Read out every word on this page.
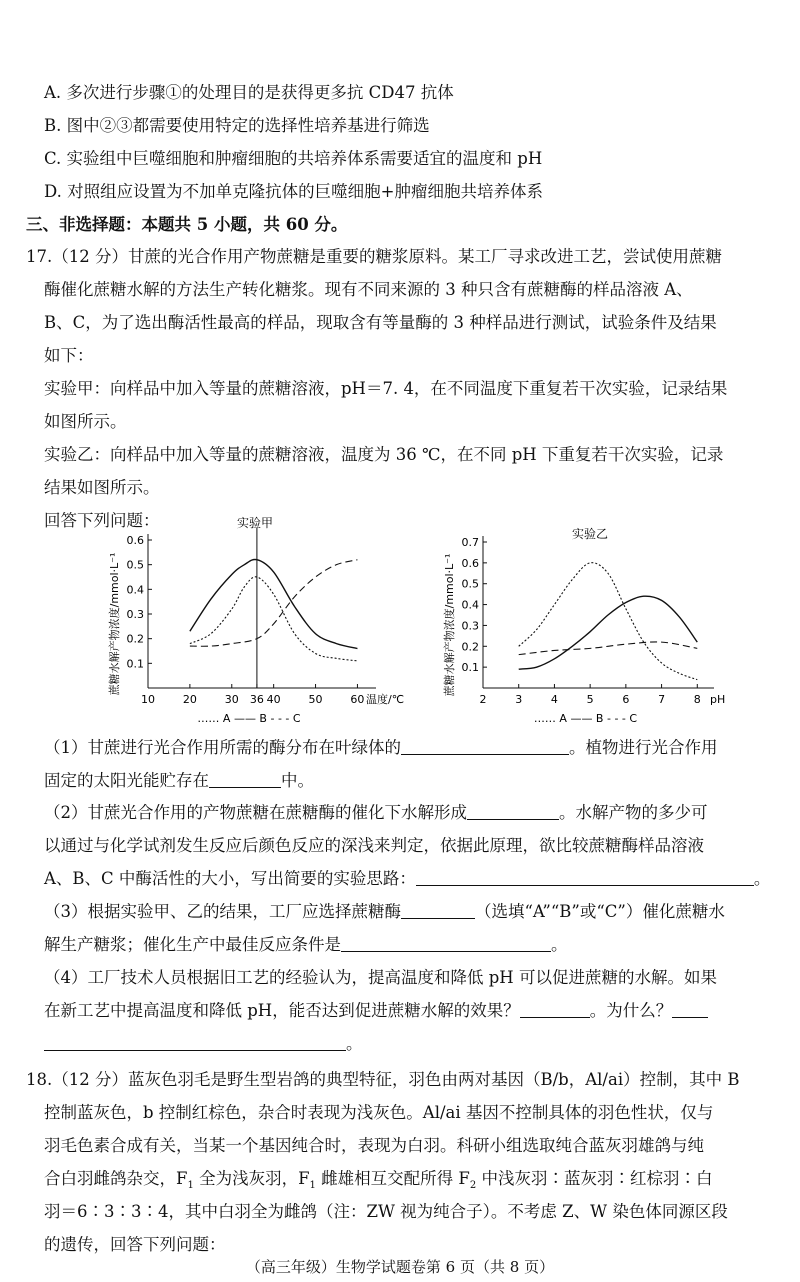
A. 多次进行步骤①的处理目的是获得更多抗 CD47 抗体
B. 图中②③都需要使用特定的选择性培养基进行筛选
C. 实验组中巨噬细胞和肿瘤细胞的共培养体系需要适宜的温度和 pH
D. 对照组应设置为不加单克隆抗体的巨噬细胞+肿瘤细胞共培养体系
三、非选择题：本题共 5 小题，共 60 分。
17.（12 分）甘蔗的光合作用产物蔗糖是重要的糖浆原料。某工厂寻求改进工艺，尝试使用蔗糖
酶催化蔗糖水解的方法生产转化糖浆。现有不同来源的 3 种只含有蔗糖酶的样品溶液 A、
B、C，为了选出酶活性最高的样品，现取含有等量酶的 3 种样品进行测试，试验条件及结果
如下：
实验甲：向样品中加入等量的蔗糖溶液，pH＝7. 4，在不同温度下重复若干次实验，记录结果
如图所示。
实验乙：向样品中加入等量的蔗糖溶液，温度为 36 ℃，在不同 pH 下重复若干次实验，记录
结果如图所示。
回答下列问题：	实验甲
0.1
0.2
0.3
0.4
0.5
0.6
10	20	30 36 40	50	60 温度/℃
蔗糖水解产物浓度/mmol·L⁻¹
…… A —— B - - - C
实验乙
0.1
0.2
0.3
0.4
0.5
0.6
0.7
2	3	4	5	6	7	8 pH
蔗糖水解产物浓度/mmol·L⁻¹
…… A —— B - - - C
（1）甘蔗进行光合作用所需的酶分布在叶绿体的	。植物进行光合作用
固定的太阳光能贮存在	中。
（2）甘蔗光合作用的产物蔗糖在蔗糖酶的催化下水解形成	。水解产物的多少可
以通过与化学试剂发生反应后颜色反应的深浅来判定，依据此原理，欲比较蔗糖酶样品溶液
A、B、C 中酶活性的大小，写出简要的实验思路：	。
（3）根据实验甲、乙的结果，工厂应选择蔗糖酶	（选填“A”“B”或“C”）催化蔗糖水
解生产糖浆；催化生产中最佳反应条件是	。
（4）工厂技术人员根据旧工艺的经验认为，提高温度和降低 pH 可以促进蔗糖的水解。如果
在新工艺中提高温度和降低 pH，能否达到促进蔗糖水解的效果？	。为什么？
。
18.（12 分）蓝灰色羽毛是野生型岩鸽的典型特征，羽色由两对基因（B/b，Al/ai）控制，其中 B
控制蓝灰色，b 控制红棕色，杂合时表现为浅灰色。Al/ai 基因不控制具体的羽色性状，仅与
羽毛色素合成有关，当某一个基因纯合时，表现为白羽。科研小组选取纯合蓝灰羽雄鸽与纯
合白羽雌鸽杂交，$F_1$ 全为浅灰羽，$F_1$ 雌雄相互交配所得 $F_2$ 中浅灰羽∶蓝灰羽∶红棕羽∶白
羽＝6∶3∶3∶4，其中白羽全为雌鸽（注：ZW 视为纯合子）。不考虑 Z、W 染色体同源区段
的遗传，回答下列问题：
（高三年级）生物学试题卷第 6 页（共 8 页）
